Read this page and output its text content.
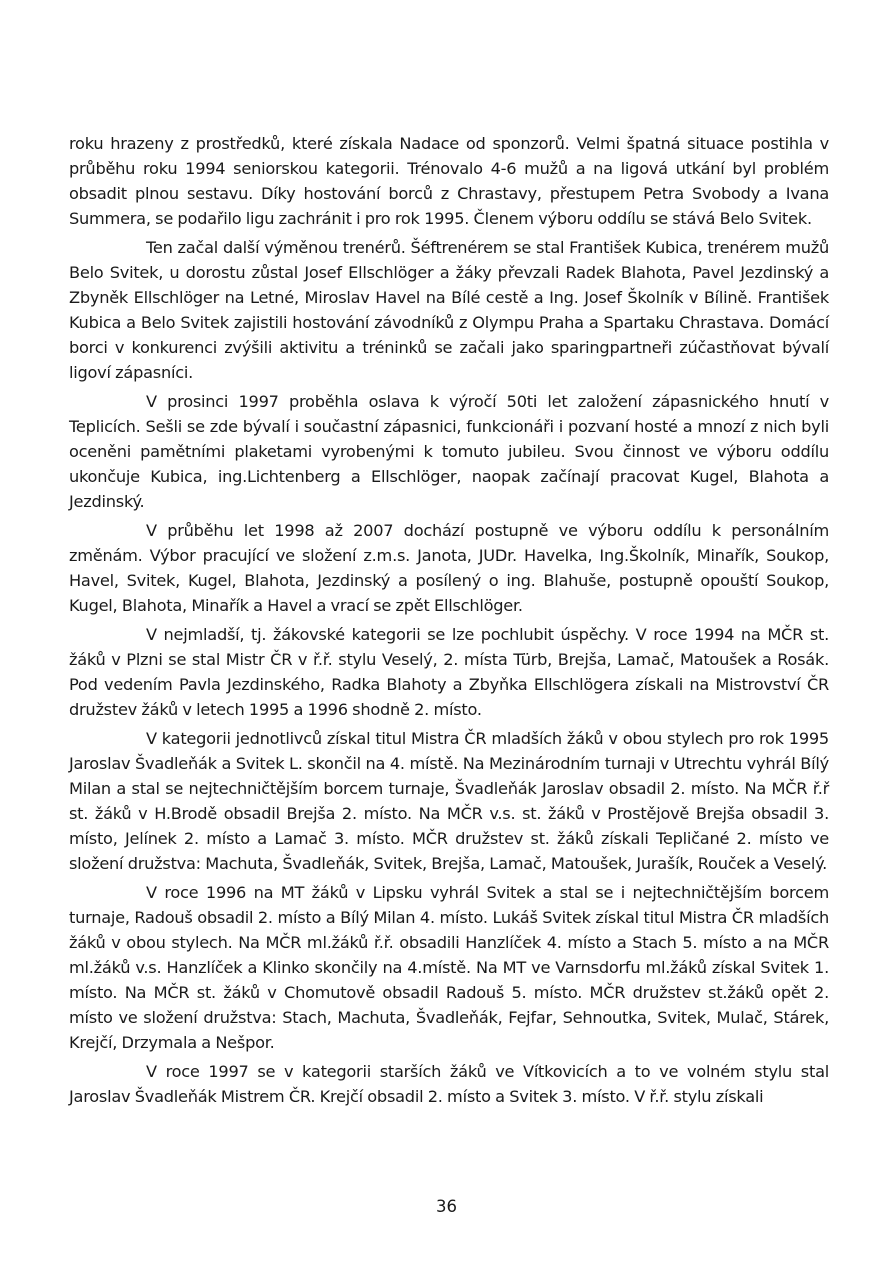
roku hrazeny z prostředků, které získala Nadace od sponzorů. Velmi špatná situace postihla v průběhu roku 1994 seniorskou kategorii. Trénovalo 4-6 mužů a na ligová utkání byl problém obsadit plnou sestavu. Díky hostování borců z Chrastavy, přestupem Petra Svobody a Ivana Summera, se podařilo ligu zachránit i pro rok 1995. Členem výboru oddílu se stává Belo Svitek.

Ten začal další výměnou trenérů. Šéftrenérem se stal František Kubica, trenérem mužů Belo Svitek, u dorostu zůstal Josef Ellschlöger a žáky převzali Radek Blahota, Pavel Jezdinský a Zbyněk Ellschlöger na Letné, Miroslav Havel na Bílé cestě a Ing. Josef Školník v Bílině. František Kubica a Belo Svitek zajistili hostování závodníků z Olympu Praha a Spartaku Chrastava. Domácí borci v konkurenci zvýšili aktivitu a tréninků se začali jako sparingpartneři zúčastňovat bývalí ligoví zápasníci.

V prosinci 1997 proběhla oslava k výročí 50ti let založení zápasnického hnutí v Teplicích. Sešli se zde bývalí i součastní zápasnici, funkcionáři i pozvaní hosté a mnozí z nich byli oceněni pamětními plaketami vyrobenými k tomuto jubileu. Svou činnost ve výboru oddílu ukončuje Kubica, ing.Lichtenberg a Ellschlöger, naopak začínají pracovat Kugel, Blahota a Jezdinský.

V průběhu let 1998 až 2007 dochází postupně ve výboru oddílu k personálním změnám. Výbor pracující ve složení z.m.s. Janota, JUDr. Havelka, Ing.Školník, Minařík, Soukop, Havel, Svitek, Kugel, Blahota, Jezdinský a posílený o ing. Blahuše, postupně opouští Soukop, Kugel, Blahota, Minařík a Havel a vrací se zpět Ellschlöger.

V nejmladší, tj. žákovské kategorii se lze pochlubit úspěchy. V roce 1994 na MČR st. žáků v Plzni se stal Mistr ČR v ř.ř. stylu Veselý, 2. místa Türb, Brejša, Lamač, Matoušek a Rosák. Pod vedením Pavla Jezdinského, Radka Blahoty a Zbyňka Ellschlögera získali na Mistrovství ČR družstev žáků v letech 1995 a 1996 shodně 2. místo.

V kategorii jednotlivců získal titul Mistra ČR mladších žáků v obou stylech pro rok 1995 Jaroslav Švadleňák a Svitek L. skončil na 4. místě. Na Mezinárodním turnaji v Utrechtu vyhrál Bílý Milan a stal se nejtechničtějším borcem turnaje, Švadleňák Jaroslav obsadil 2. místo. Na MČR ř.ř st. žáků v H.Brodě obsadil Brejša 2. místo. Na MČR v.s. st. žáků v Prostějově Brejša obsadil 3. místo, Jelínek 2. místo a Lamač 3. místo. MČR družstev st. žáků získali Tepličané 2. místo ve složení družstva: Machuta, Švadleňák, Svitek, Brejša, Lamač, Matoušek, Jurašík, Rouček a Veselý.

V roce 1996 na MT žáků v Lipsku vyhrál Svitek a stal se i nejtechničtějším borcem turnaje, Radouš obsadil 2. místo a Bílý Milan 4. místo. Lukáš Svitek získal titul Mistra ČR mladších žáků v obou stylech. Na MČR ml.žáků ř.ř. obsadili Hanzlíček 4. místo a Stach 5. místo a na MČR ml.žáků v.s. Hanzlíček a Klinko skončily na 4.místě. Na MT ve Varnsdorfu ml.žáků získal Svitek 1. místo. Na MČR st. žáků v Chomutově obsadil Radouš 5. místo. MČR družstev st.žáků opět 2. místo ve složení družstva: Stach, Machuta, Švadleňák, Fejfar, Sehnoutka, Svitek, Mulač, Stárek, Krejčí, Drzymala a Nešpor.

V roce 1997 se v kategorii starších žáků ve Vítkovicích a to ve volném stylu stal Jaroslav Švadleňák Mistrem ČR. Krejčí obsadil 2. místo a Svitek 3. místo. V ř.ř. stylu získali

36
